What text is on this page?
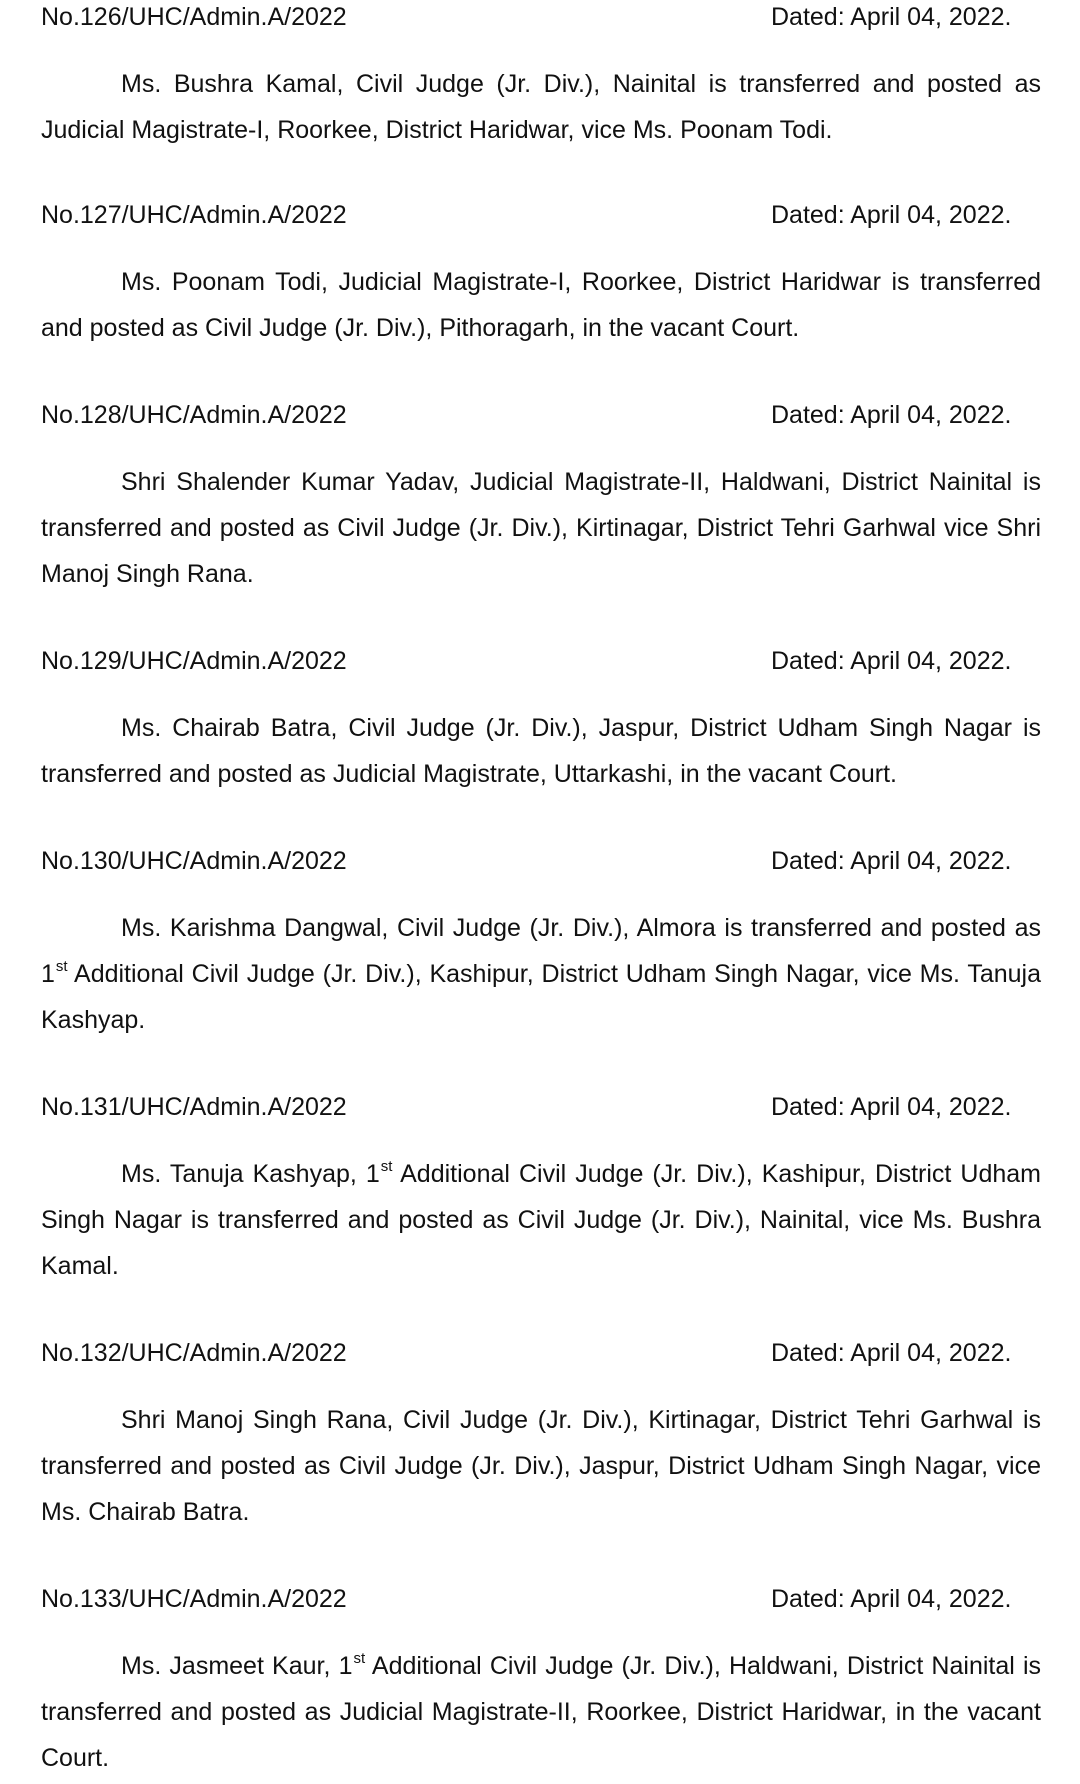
No.126/UHC/Admin.A/2022	Dated: April 04, 2022.
Ms. Bushra Kamal, Civil Judge (Jr. Div.), Nainital is transferred and posted as Judicial Magistrate-I, Roorkee, District Haridwar, vice Ms. Poonam Todi.
No.127/UHC/Admin.A/2022	Dated: April 04, 2022.
Ms. Poonam Todi, Judicial Magistrate-I, Roorkee, District Haridwar is transferred and posted as Civil Judge (Jr. Div.), Pithoragarh, in the vacant Court.
No.128/UHC/Admin.A/2022	Dated: April 04, 2022.
Shri Shalender Kumar Yadav, Judicial Magistrate-II, Haldwani, District Nainital is transferred and posted as Civil Judge (Jr. Div.), Kirtinagar, District Tehri Garhwal vice Shri Manoj Singh Rana.
No.129/UHC/Admin.A/2022	Dated: April 04, 2022.
Ms. Chairab Batra, Civil Judge (Jr. Div.), Jaspur, District Udham Singh Nagar is transferred and posted as Judicial Magistrate, Uttarkashi, in the vacant Court.
No.130/UHC/Admin.A/2022	Dated: April 04, 2022.
Ms. Karishma Dangwal, Civil Judge (Jr. Div.), Almora is transferred and posted as 1st Additional Civil Judge (Jr. Div.), Kashipur, District Udham Singh Nagar, vice Ms. Tanuja Kashyap.
No.131/UHC/Admin.A/2022	Dated: April 04, 2022.
Ms. Tanuja Kashyap, 1st Additional Civil Judge (Jr. Div.), Kashipur, District Udham Singh Nagar is transferred and posted as Civil Judge (Jr. Div.), Nainital, vice Ms. Bushra Kamal.
No.132/UHC/Admin.A/2022	Dated: April 04, 2022.
Shri Manoj Singh Rana, Civil Judge (Jr. Div.), Kirtinagar, District Tehri Garhwal is transferred and posted as Civil Judge (Jr. Div.), Jaspur, District Udham Singh Nagar, vice Ms. Chairab Batra.
No.133/UHC/Admin.A/2022	Dated: April 04, 2022.
Ms. Jasmeet Kaur, 1st Additional Civil Judge (Jr. Div.), Haldwani, District Nainital is transferred and posted as Judicial Magistrate-II, Roorkee, District Haridwar, in the vacant Court.
